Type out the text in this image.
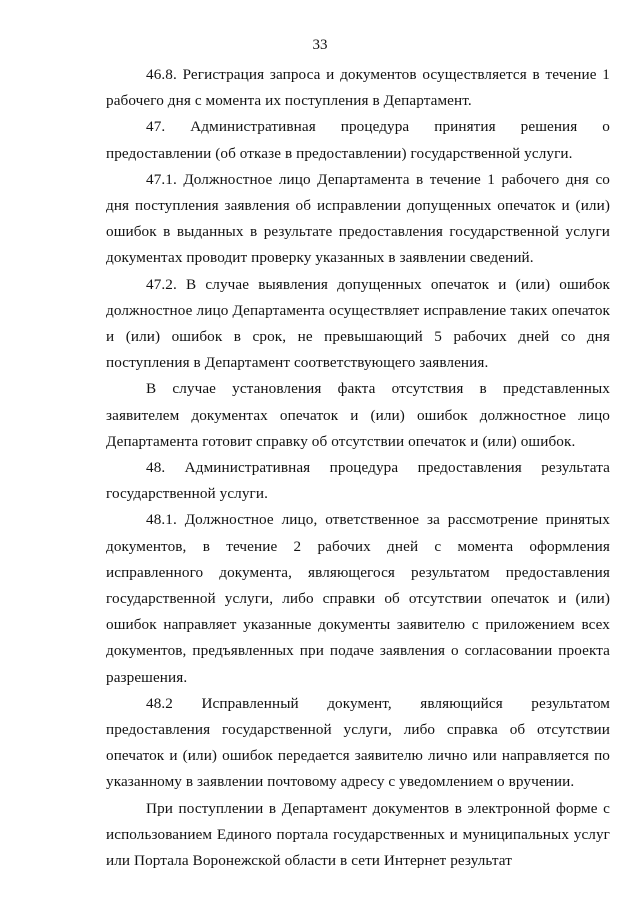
33

46.8. Регистрация запроса и документов осуществляется в течение 1 рабочего дня с момента их поступления в Департамент.

47. Административная процедура принятия решения о предоставлении (об отказе в предоставлении) государственной услуги.

47.1. Должностное лицо Департамента в течение 1 рабочего дня со дня поступления заявления об исправлении допущенных опечаток и (или) ошибок в выданных в результате предоставления государственной услуги документах проводит проверку указанных в заявлении сведений.

47.2. В случае выявления допущенных опечаток и (или) ошибок должностное лицо Департамента осуществляет исправление таких опечаток и (или) ошибок в срок, не превышающий 5 рабочих дней со дня поступления в Департамент соответствующего заявления.

В случае установления факта отсутствия в представленных заявителем документах опечаток и (или) ошибок должностное лицо Департамента готовит справку об отсутствии опечаток и (или) ошибок.

48. Административная процедура предоставления результата государственной услуги.

48.1. Должностное лицо, ответственное за рассмотрение принятых документов, в течение 2 рабочих дней с момента оформления исправленного документа, являющегося результатом предоставления государственной услуги, либо справки об отсутствии опечаток и (или) ошибок направляет указанные документы заявителю с приложением всех документов, предъявленных при подаче заявления о согласовании проекта разрешения.

48.2 Исправленный документ, являющийся результатом предоставления государственной услуги, либо справка об отсутствии опечаток и (или) ошибок передается заявителю лично или направляется по указанному в заявлении почтовому адресу с уведомлением о вручении.

При поступлении в Департамент документов в электронной форме с использованием Единого портала государственных и муниципальных услуг или Портала Воронежской области в сети Интернет результат
